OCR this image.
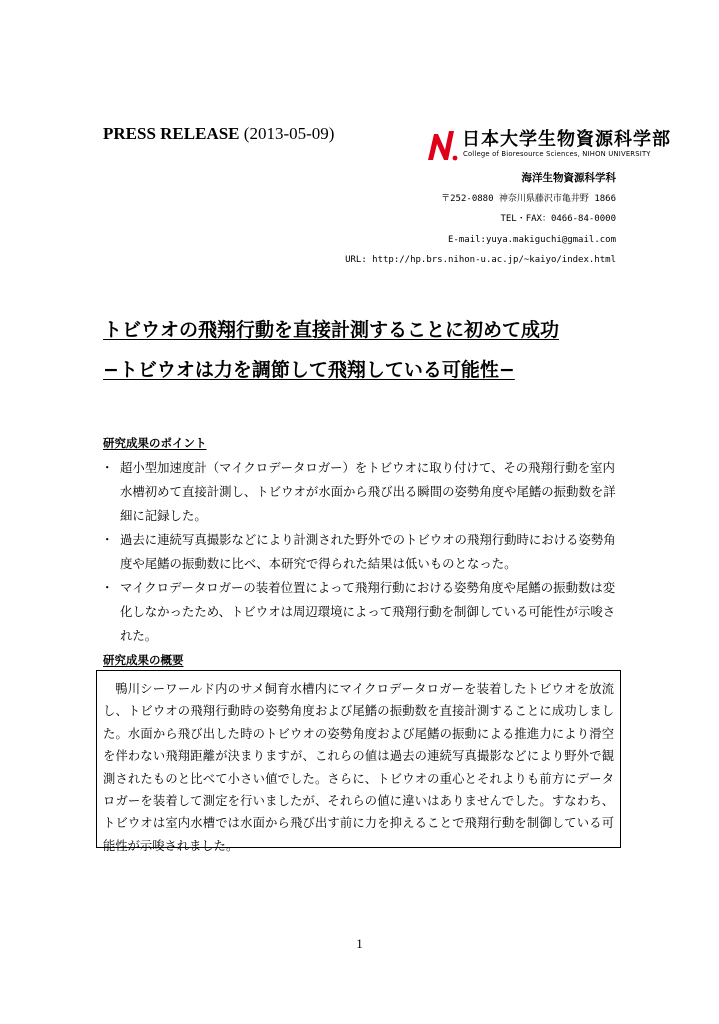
PRESS RELEASE (2013-05-09)	日本大学生物資源科学部
College of Bioresource Sciences, NIHON UNIVERSITY
海洋生物資源科学科
〒252-0880 神奈川県藤沢市亀井野 1866
TEL・FAX：0466-84-0000
E-mail:yuya.makiguchi@gmail.com
URL: http://hp.brs.nihon-u.ac.jp/~kaiyo/index.html
トビウオの飛翔行動を直接計測することに初めて成功
−トビウオは力を調節して飛翔している可能性−
研究成果のポイント
・ 超小型加速度計（マイクロデータロガー）をトビウオに取り付けて、その飛翔行動を室内水槽初めて直接計測し、トビウオが水面から飛び出る瞬間の姿勢角度や尾鰭の振動数を詳細に記録した。
・ 過去に連続写真撮影などにより計測された野外でのトビウオの飛翔行動時における姿勢角度や尾鰭の振動数に比べ、本研究で得られた結果は低いものとなった。
・ マイクロデータロガーの装着位置によって飛翔行動における姿勢角度や尾鰭の振動数は変化しなかったため、トビウオは周辺環境によって飛翔行動を制御している可能性が示唆された。
研究成果の概要
鴨川シーワールド内のサメ飼育水槽内にマイクロデータロガーを装着したトビウオを放流し、トビウオの飛翔行動時の姿勢角度および尾鰭の振動数を直接計測することに成功しました。水面から飛び出した時のトビウオの姿勢角度および尾鰭の振動による推進力により滑空を伴わない飛翔距離が決まりますが、これらの値は過去の連続写真撮影などにより野外で観測されたものと比べて小さい値でした。さらに、トビウオの重心とそれよりも前方にデータロガーを装着して測定を行いましたが、それらの値に違いはありませんでした。すなわち、トビウオは室内水槽では水面から飛び出す前に力を抑えることで飛翔行動を制御している可能性が示唆されました。
1
